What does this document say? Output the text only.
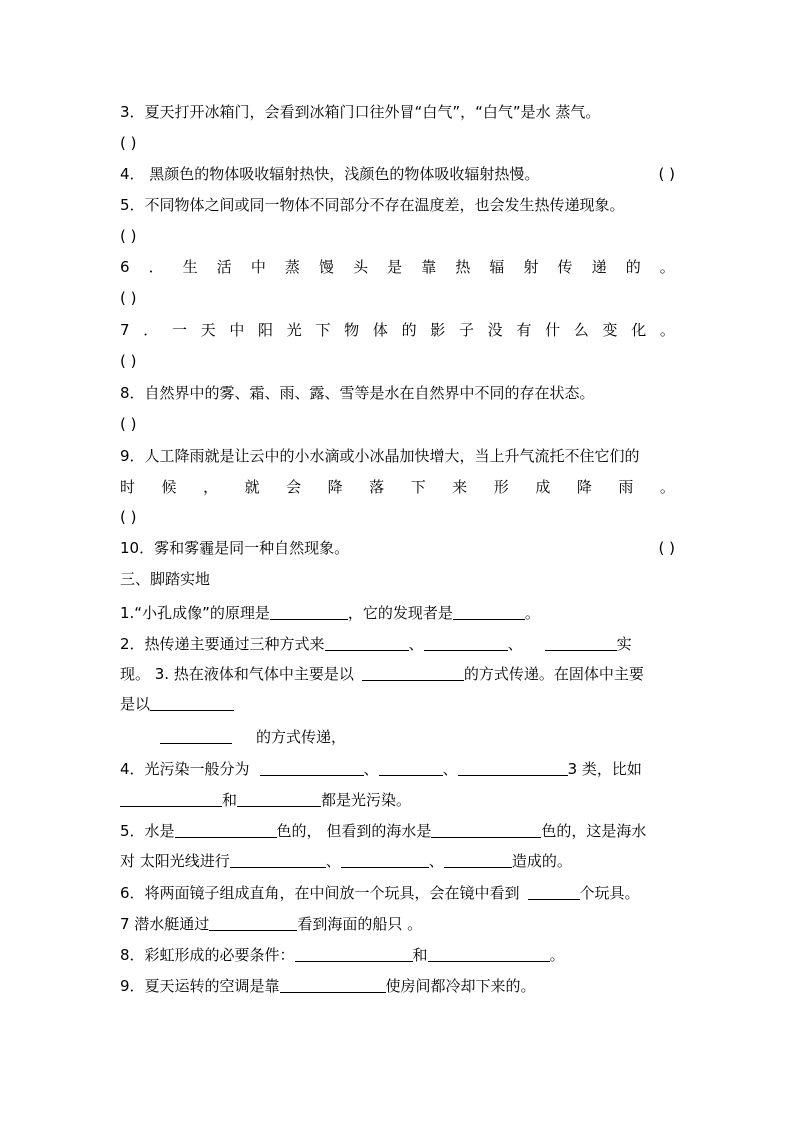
3．夏天打开冰箱门，会看到冰箱门口往外冒“白气”，“白气”是水 蒸气。
( )
4． 黑颜色的物体吸收辐射热快，浅颜色的物体吸收辐射热慢。	( )
5．不同物体之间或同一物体不同部分不存在温度差，也会发生热传递现象。
( )
6 ． 生 活 中 蒸 馒 头 是 靠 热 辐 射 传 递 的 。
( )
7 ． 一 天 中 阳 光 下 物 体 的 影 子 没 有 什 么 变 化 。
( )
8．自然界中的雾、霜、雨、露、雪等是水在自然界中不同的存在状态。
( )
9．人工降雨就是让云中的小水滴或小冰晶加快增大，当上升气流托不住它们的
时 候 ， 就 会 降 落 下 来 形 成 降 雨 。
( )
10．雾和雾霾是同一种自然现象。	( )
三、脚踏实地
1.“小孔成像”的原理是	，它的发现者是	。
2．热传递主要通过三种方式来	、	、	实
现。 3. 热在液体和气体中主要是以	的方式传递。在固体中主要
是以
的方式传递，
4．光污染一般分为	、	、	3 类，比如
和	都是光污染。
5．水是	色的， 但看到的海水是	色的，这是海水
对 太阳光线进行	、	、	造成的。
6．将两面镜子组成直角，在中间放一个玩具，会在镜中看到	个玩具。
7 潜水艇通过	看到海面的船只 。
8．彩虹形成的必要条件：	和	。
9．夏天运转的空调是靠	使房间都冷却下来的。
